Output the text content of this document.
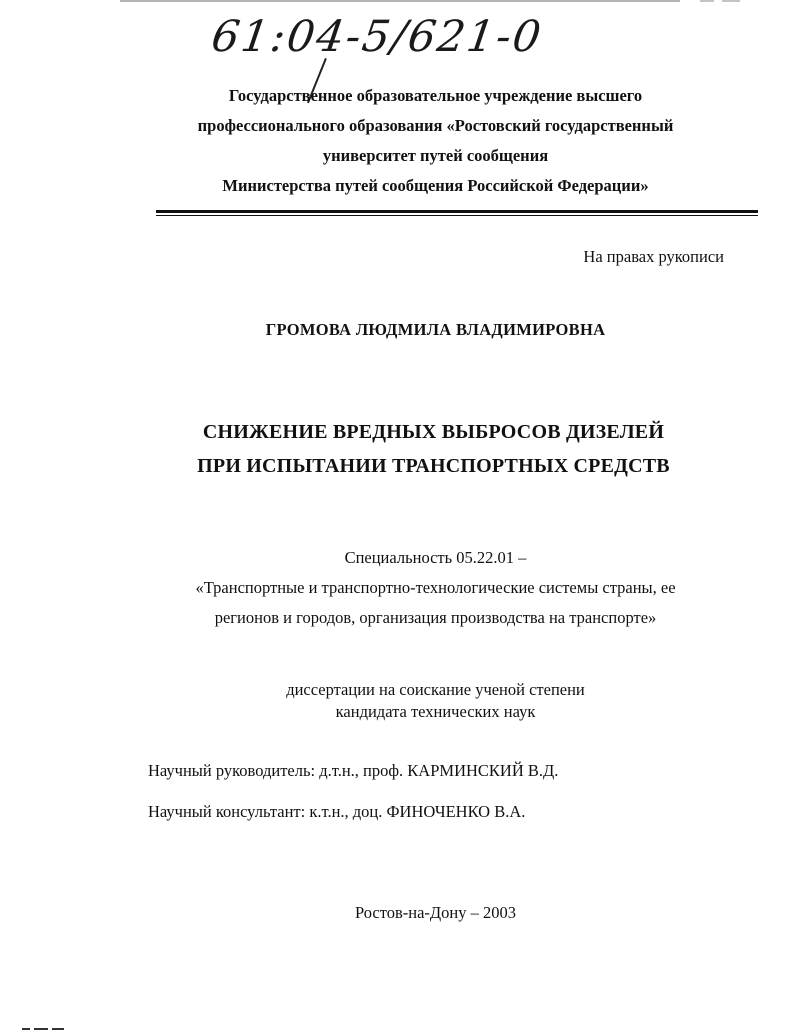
61:04-5/621-0
Государственное образовательное учреждение высшего
профессионального образования «Ростовский государственный
университет путей сообщения
Министерства путей сообщения Российской Федерации»
На правах рукописи
ГРОМОВА ЛЮДМИЛА ВЛАДИМИРОВНА
СНИЖЕНИЕ ВРЕДНЫХ ВЫБРОСОВ ДИЗЕЛЕЙ
ПРИ ИСПЫТАНИИ ТРАНСПОРТНЫХ СРЕДСТВ
Специальность 05.22.01 –
«Транспортные и транспортно-технологические системы страны, ее
регионов и городов, организация производства на транспорте»
диссертации на соискание ученой степени
кандидата технических наук
Научный руководитель: д.т.н., проф. КАРМИНСКИЙ В.Д.
Научный консультант: к.т.н., доц. ФИНОЧЕНКО В.А.
Ростов-на-Дону – 2003
